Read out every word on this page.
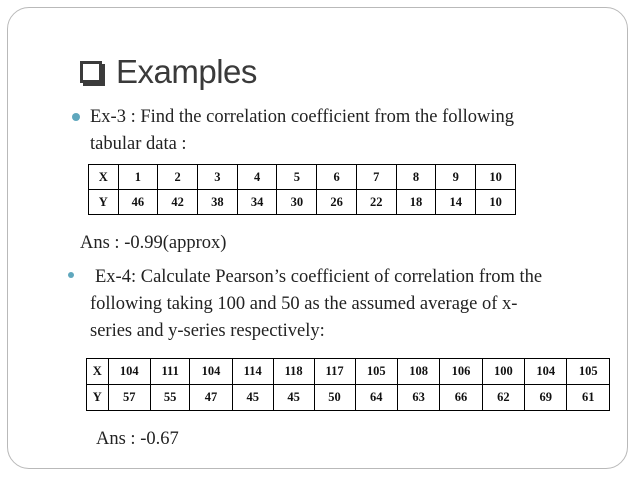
Examples
Ex-3 : Find the correlation coefficient from the following
tabular data :
X	1	2	3	4	5	6	7	8	9	10
Y	46	42	38	34	30	26	22	18	14	10
Ans : -0.99(approx)
Ex-4: Calculate Pearson’s coefficient of correlation from the
following taking 100 and 50 as the assumed average of x-
series and y-series respectively:
X	104	111	104	114	118	117	105	108	106	100	104	105
Y	57	55	47	45	45	50	64	63	66	62	69	61
Ans : -0.67
